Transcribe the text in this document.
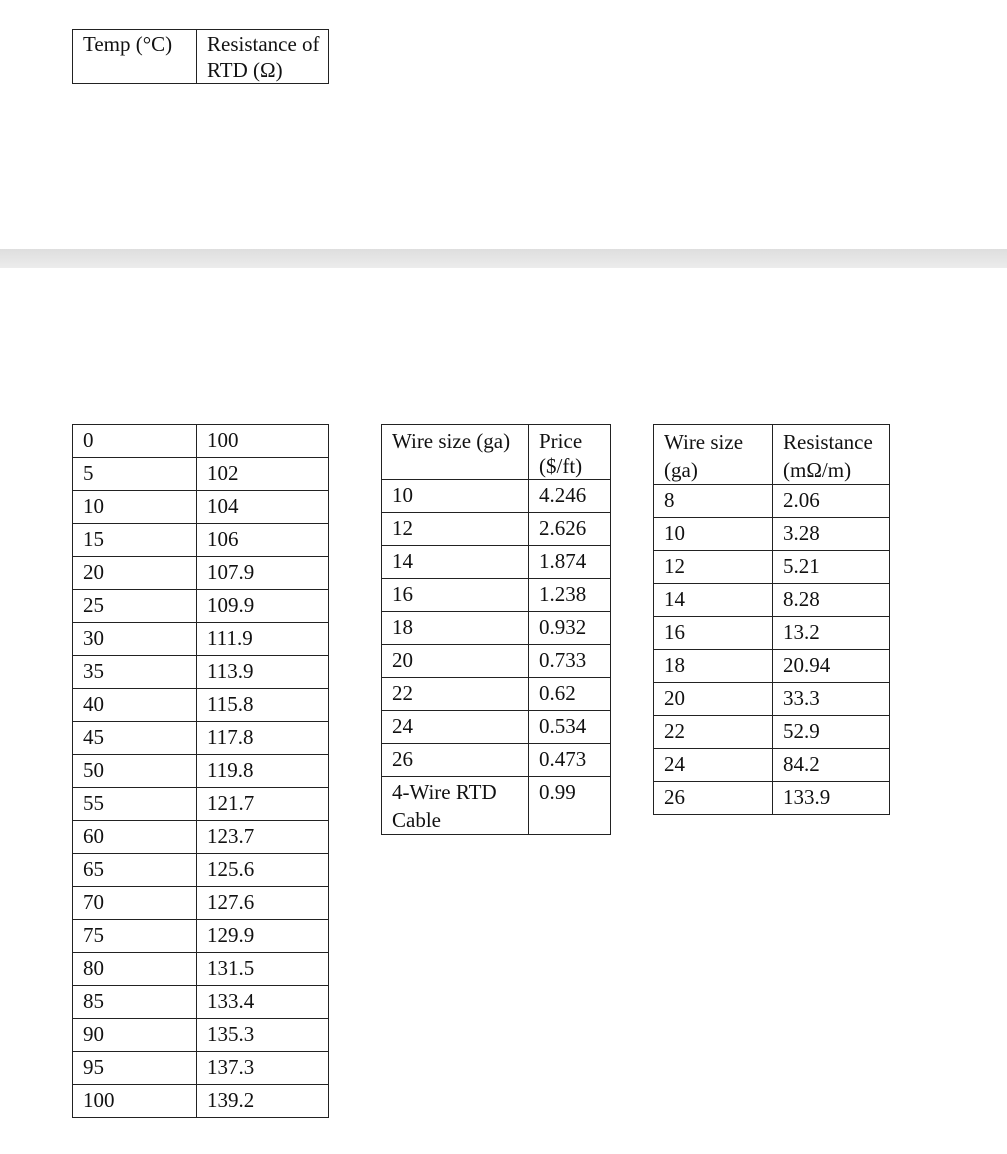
Temp (°C)	Resistance of RTD (Ω)
0	100
5	102
10	104
15	106
20	107.9
25	109.9
30	111.9
35	113.9
40	115.8
45	117.8
50	119.8
55	121.7
60	123.7
65	125.6
70	127.6
75	129.9
80	131.5
85	133.4
90	135.3
95	137.3
100	139.2
Wire size (ga)	Price ($/ft)
10	4.246
12	2.626
14	1.874
16	1.238
18	0.932
20	0.733
22	0.62
24	0.534
26	0.473
4-Wire RTD Cable	0.99
Wire size (ga)	Resistance (mΩ/m)
8	2.06
10	3.28
12	5.21
14	8.28
16	13.2
18	20.94
20	33.3
22	52.9
24	84.2
26	133.9
